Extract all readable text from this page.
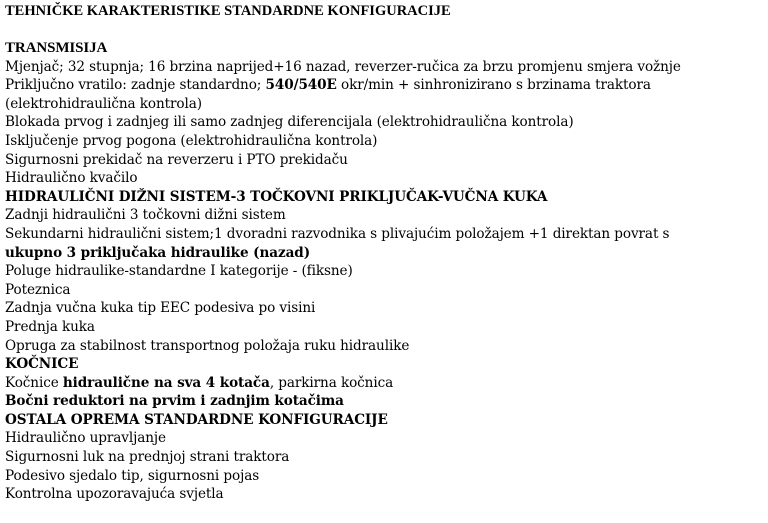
TEHNIČKE KARAKTERISTIKE STANDARDNE KONFIGURACIJE
TRANSMISIJA
Mjenjač; 32 stupnja; 16 brzina naprijed+16 nazad, reverzer-ručica za brzu promjenu smjera vožnje
Priključno vratilo: zadnje standardno; 540/540E okr/min + sinhronizirano s brzinama traktora
(elektrohidraulična kontrola)
Blokada prvog i zadnjeg ili samo zadnjeg diferencijala (elektrohidraulična kontrola)
Isključenje prvog pogona (elektrohidraulična kontrola)
Sigurnosni prekidač na reverzeru i PTO prekidaču
Hidraulično kvačilo
HIDRAULIČNI DIŽNI SISTEM-3 TOČKOVNI PRIKLJUČAK-VUČNA KUKA
Zadnji hidraulični 3 točkovni dižni sistem
Sekundarni hidraulični sistem;1 dvoradni razvodnika s plivajućim položajem +1 direktan povrat s
ukupno 3 priključaka hidraulike (nazad)
Poluge hidraulike-standardne I kategorije - (fiksne)
Poteznica
Zadnja vučna kuka tip EEC podesiva po visini
Prednja kuka
Opruga za stabilnost transportnog položaja ruku hidraulike
KOČNICE
Kočnice hidraulične na sva 4 kotača, parkirna kočnica
Bočni reduktori na prvim i zadnjim kotačima
OSTALA OPREMA STANDARDNE KONFIGURACIJE
Hidraulično upravljanje
Sigurnosni luk na prednjoj strani traktora
Podesivo sjedalo tip, sigurnosni pojas
Kontrolna upozoravajuća svjetla
